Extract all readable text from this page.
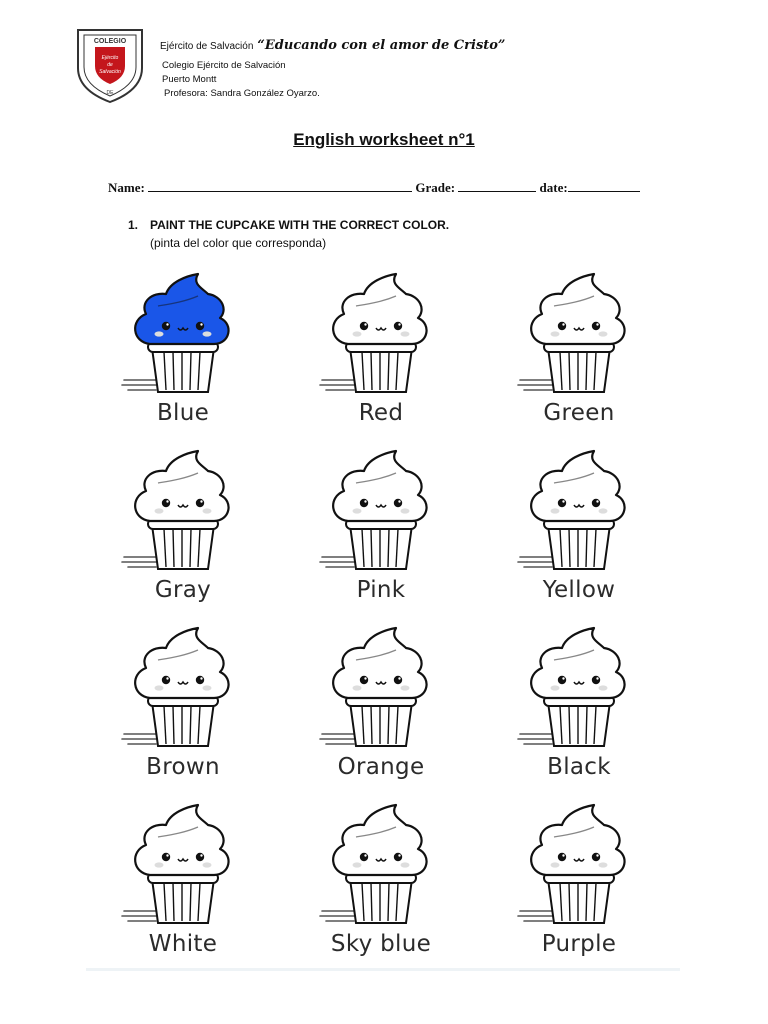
COLEGIO
Ejército
de
Salvación
DE
Ejército de Salvación “Educando con el amor de Cristo”
Colegio Ejército de Salvación
Puerto Montt
Profesora: Sandra González Oyarzo.
English worksheet n°1
Name:	Grade:	date:
1. PAINT THE CUPCAKE WITH THE CORRECT COLOR.
(pinta del color que corresponda)
Blue	Red	Green
Gray	Pink	Yellow
Brown	Orange	Black
White	Sky blue	Purple
